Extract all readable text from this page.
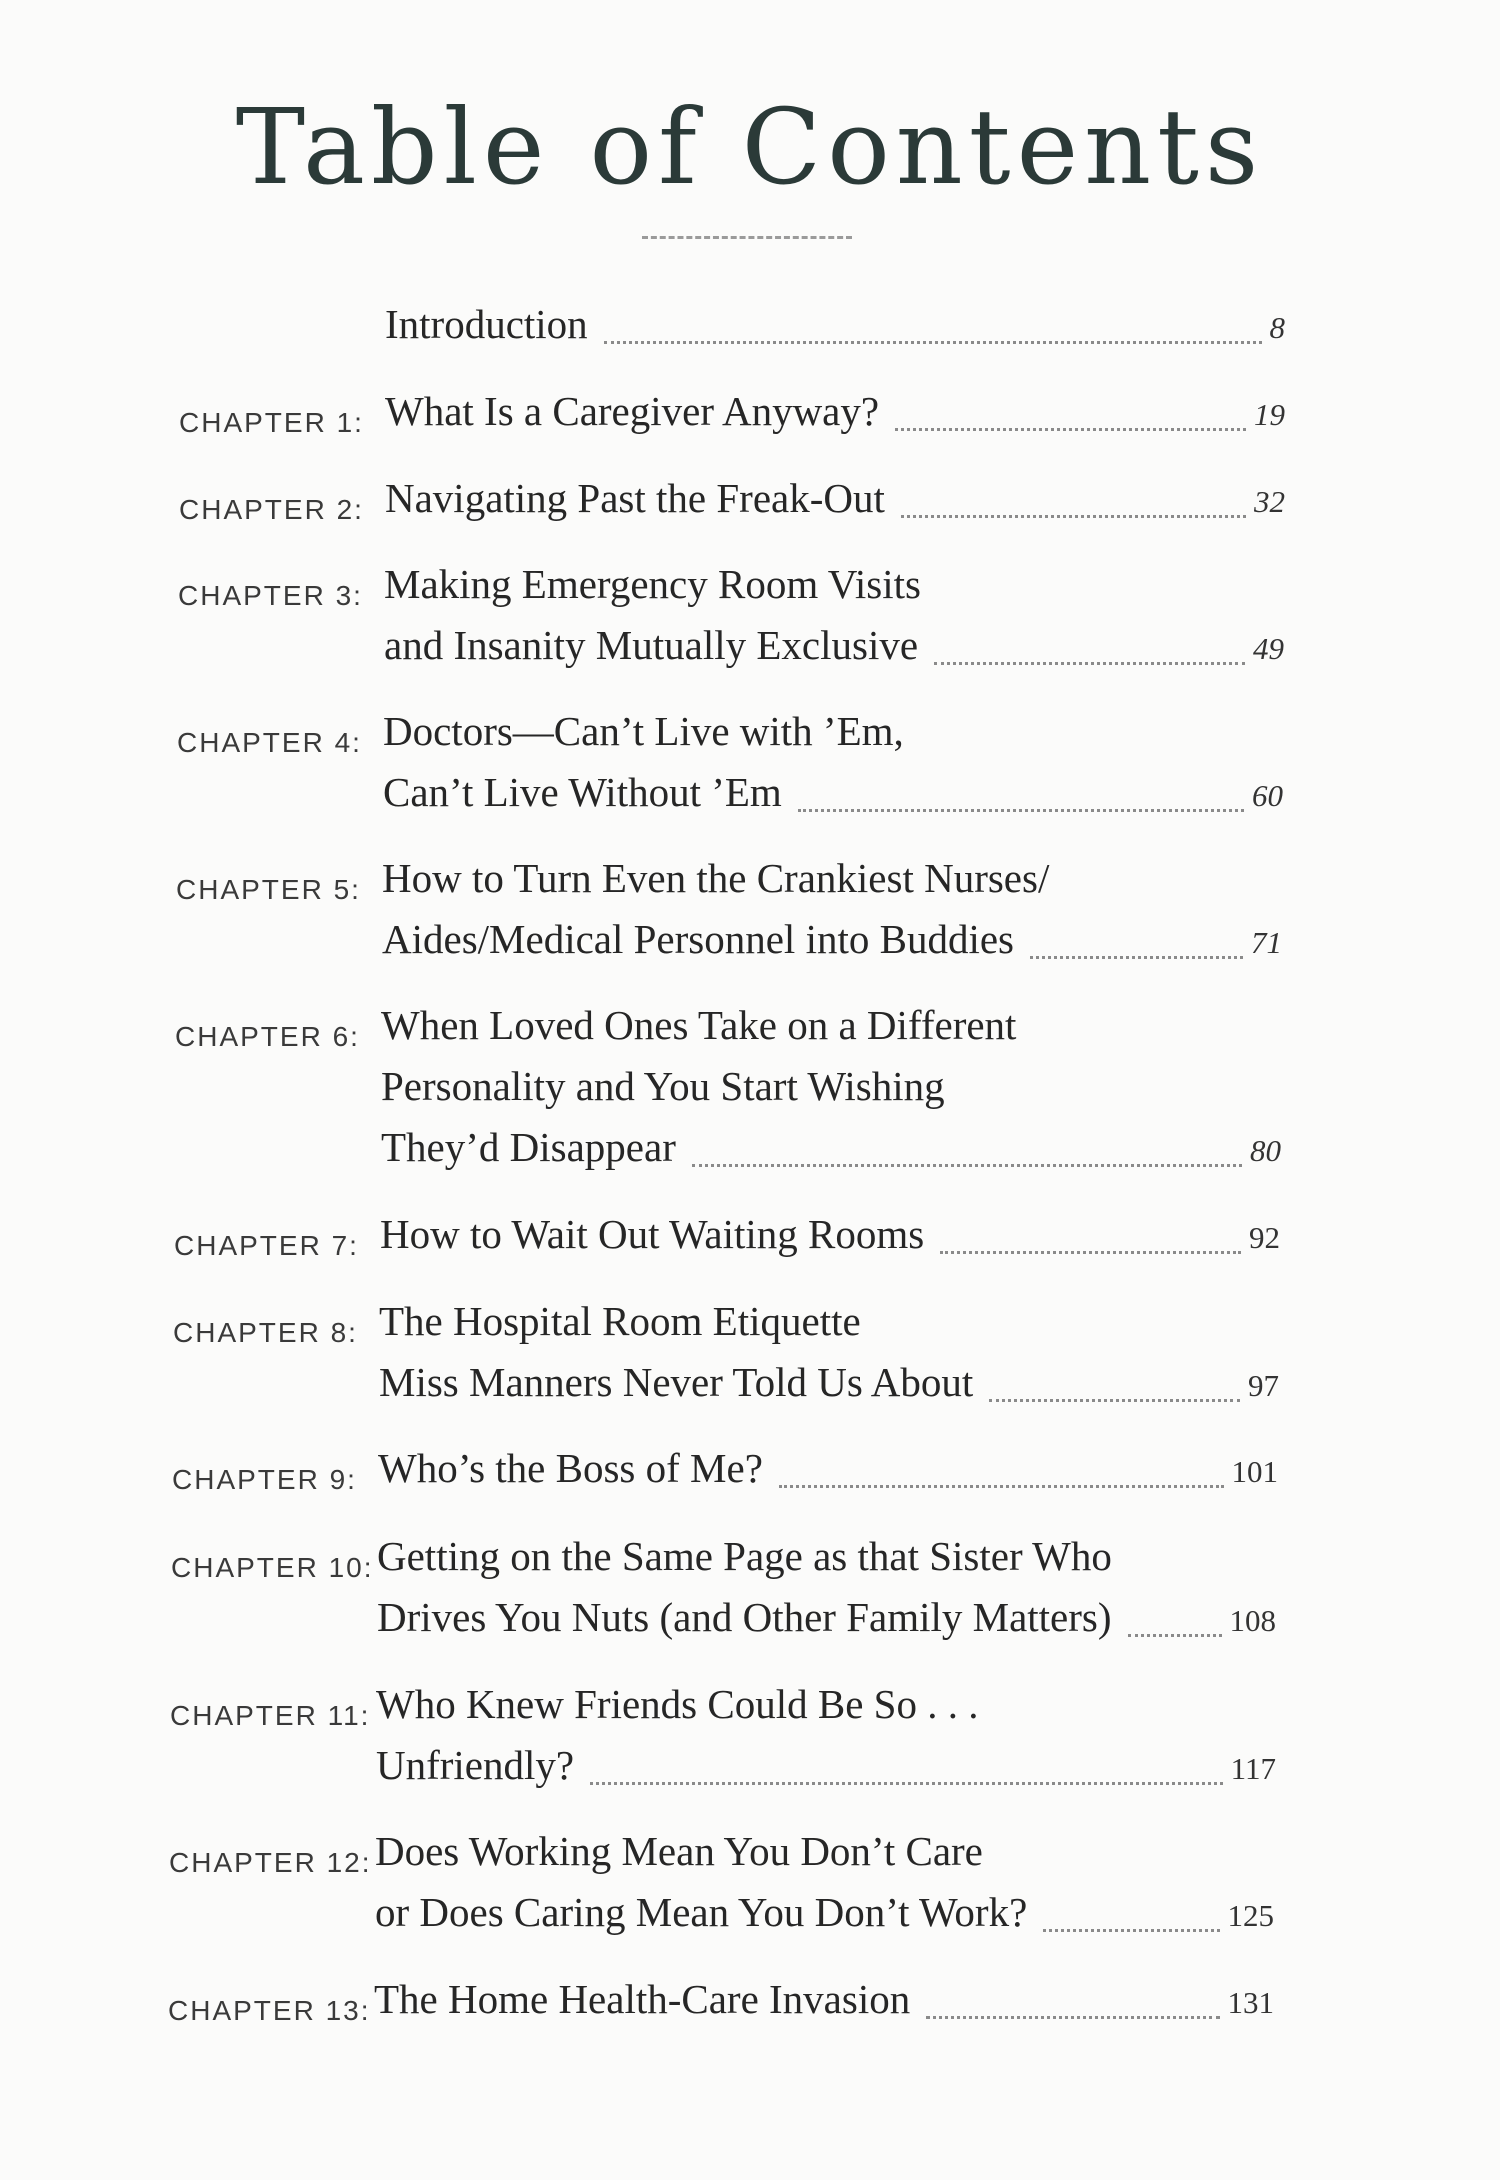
Table of Contents
Introduction	8
CHAPTER 1: What Is a Caregiver Anyway?	19
CHAPTER 2: Navigating Past the Freak-Out	32
CHAPTER 3: Making Emergency Room Visits
and Insanity Mutually Exclusive	49
CHAPTER 4: Doctors—Can’t Live with ’Em,
Can’t Live Without ’Em	60
CHAPTER 5: How to Turn Even the Crankiest Nurses/
Aides/Medical Personnel into Buddies	71
CHAPTER 6: When Loved Ones Take on a Different
Personality and You Start Wishing
They’d Disappear	80
CHAPTER 7: How to Wait Out Waiting Rooms	92
CHAPTER 8: The Hospital Room Etiquette
Miss Manners Never Told Us About	97
CHAPTER 9: Who’s the Boss of Me?	101
CHAPTER 10: Getting on the Same Page as that Sister Who
Drives You Nuts (and Other Family Matters)	108
CHAPTER 11: Who Knew Friends Could Be So . . .
Unfriendly?	117
CHAPTER 12: Does Working Mean You Don’t Care
or Does Caring Mean You Don’t Work?	125
CHAPTER 13: The Home Health-Care Invasion	131
